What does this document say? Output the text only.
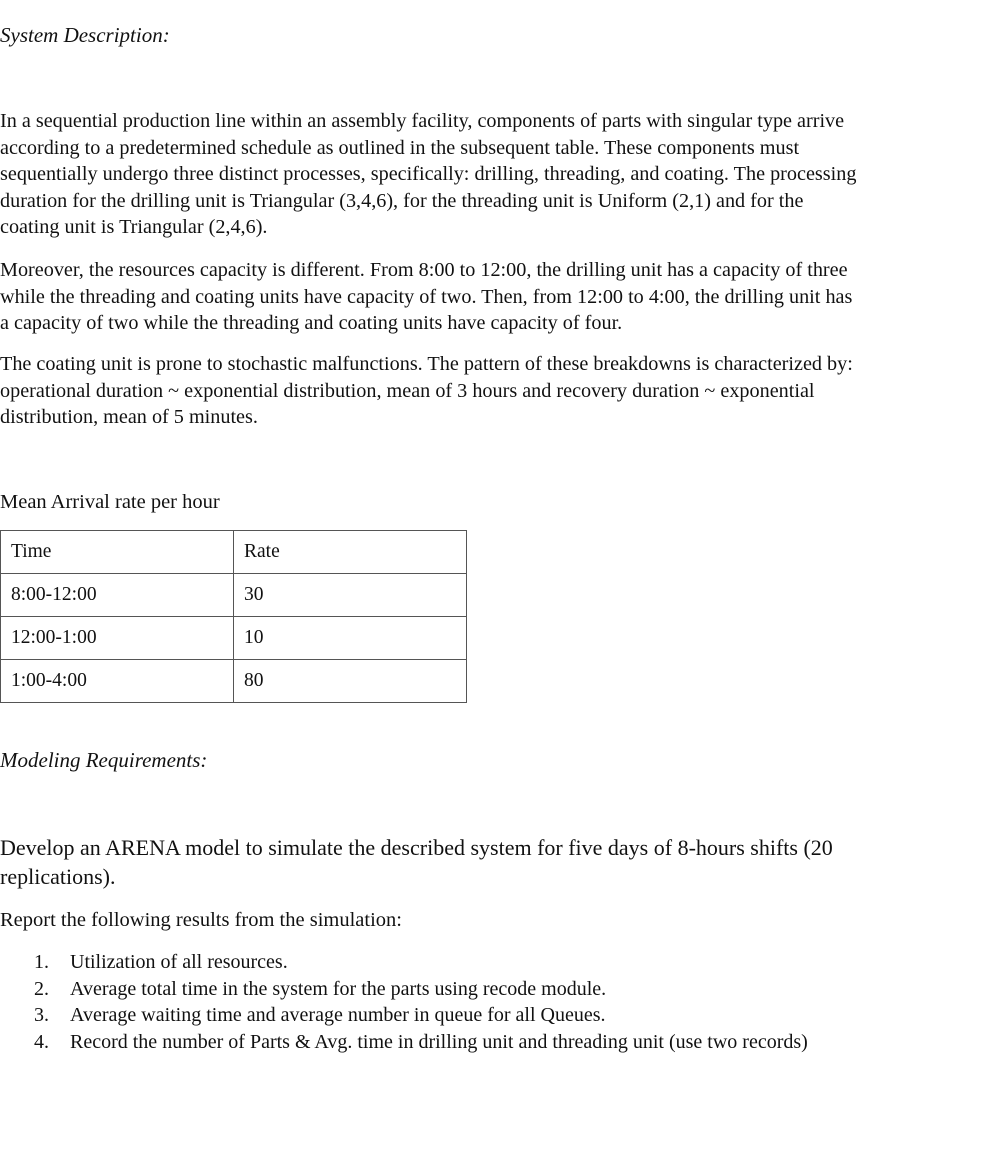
System Description:

In a sequential production line within an assembly facility, components of parts with singular type arrive
according to a predetermined schedule as outlined in the subsequent table. These components must
sequentially undergo three distinct processes, specifically: drilling, threading, and coating. The processing
duration for the drilling unit is Triangular (3,4,6), for the threading unit is Uniform (2,1) and for the
coating unit is Triangular (2,4,6).

Moreover, the resources capacity is different. From 8:00 to 12:00, the drilling unit has a capacity of three
while the threading and coating units have capacity of two. Then, from 12:00 to 4:00, the drilling unit has
a capacity of two while the threading and coating units have capacity of four.

The coating unit is prone to stochastic malfunctions. The pattern of these breakdowns is characterized by:
operational duration ~ exponential distribution, mean of 3 hours and recovery duration ~ exponential
distribution, mean of 5 minutes.

Mean Arrival rate per hour
Time	Rate
8:00-12:00	30
12:00-1:00	10
1:00-4:00	80
Modeling Requirements:

Develop an ARENA model to simulate the described system for five days of 8-hours shifts (20
replications).

Report the following results from the simulation:
1. Utilization of all resources.
2. Average total time in the system for the parts using recode module.
3. Average waiting time and average number in queue for all Queues.
4. Record the number of Parts & Avg. time in drilling unit and threading unit (use two records)
